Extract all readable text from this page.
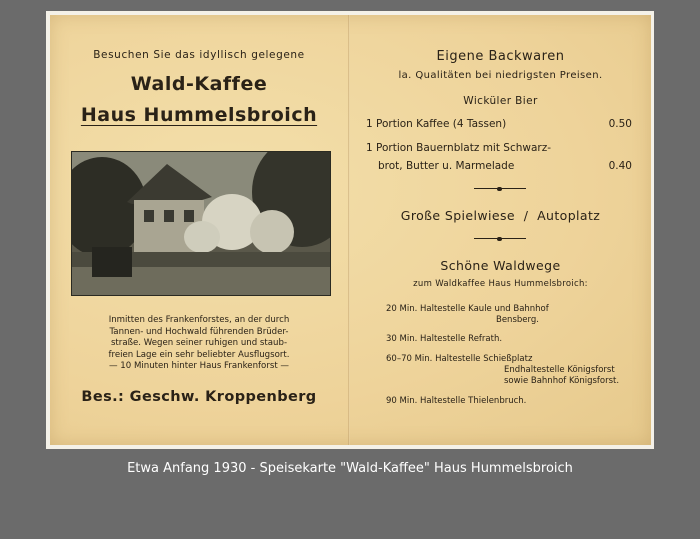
Besuchen Sie das idyllisch gelegene
Wald-Kaffee
Haus Hummelsbroich
Inmitten des Frankenforstes, an der durch
Tannen- und Hochwald führenden Brüder-
straße. Wegen seiner ruhigen und staub-
freien Lage ein sehr beliebter Ausflugsort.
— 10 Minuten hinter Haus Frankenforst —
Bes.: Geschw. Kroppenberg
Eigene Backwaren
la. Qualitäten bei niedrigsten Preisen.
Wicküler Bier
1 Portion Kaffee (4 Tassen)	0.50
1 Portion Bauernblatz mit Schwarz-
brot, Butter u. Marmelade	0.40
Große Spielwiese  /  Autoplatz
Schöne Waldwege
zum Waldkaffee Haus Hummelsbroich:
20 Min. Haltestelle Kaule und Bahnhof
Bensberg.
30 Min. Haltestelle Refrath.
60–70 Min. Haltestelle Schießplatz
Endhaltestelle Königsforst
sowie Bahnhof Königsforst.
90 Min. Haltestelle Thielenbruch.
Etwa Anfang 1930 - Speisekarte "Wald-Kaffee" Haus Hummelsbroich
